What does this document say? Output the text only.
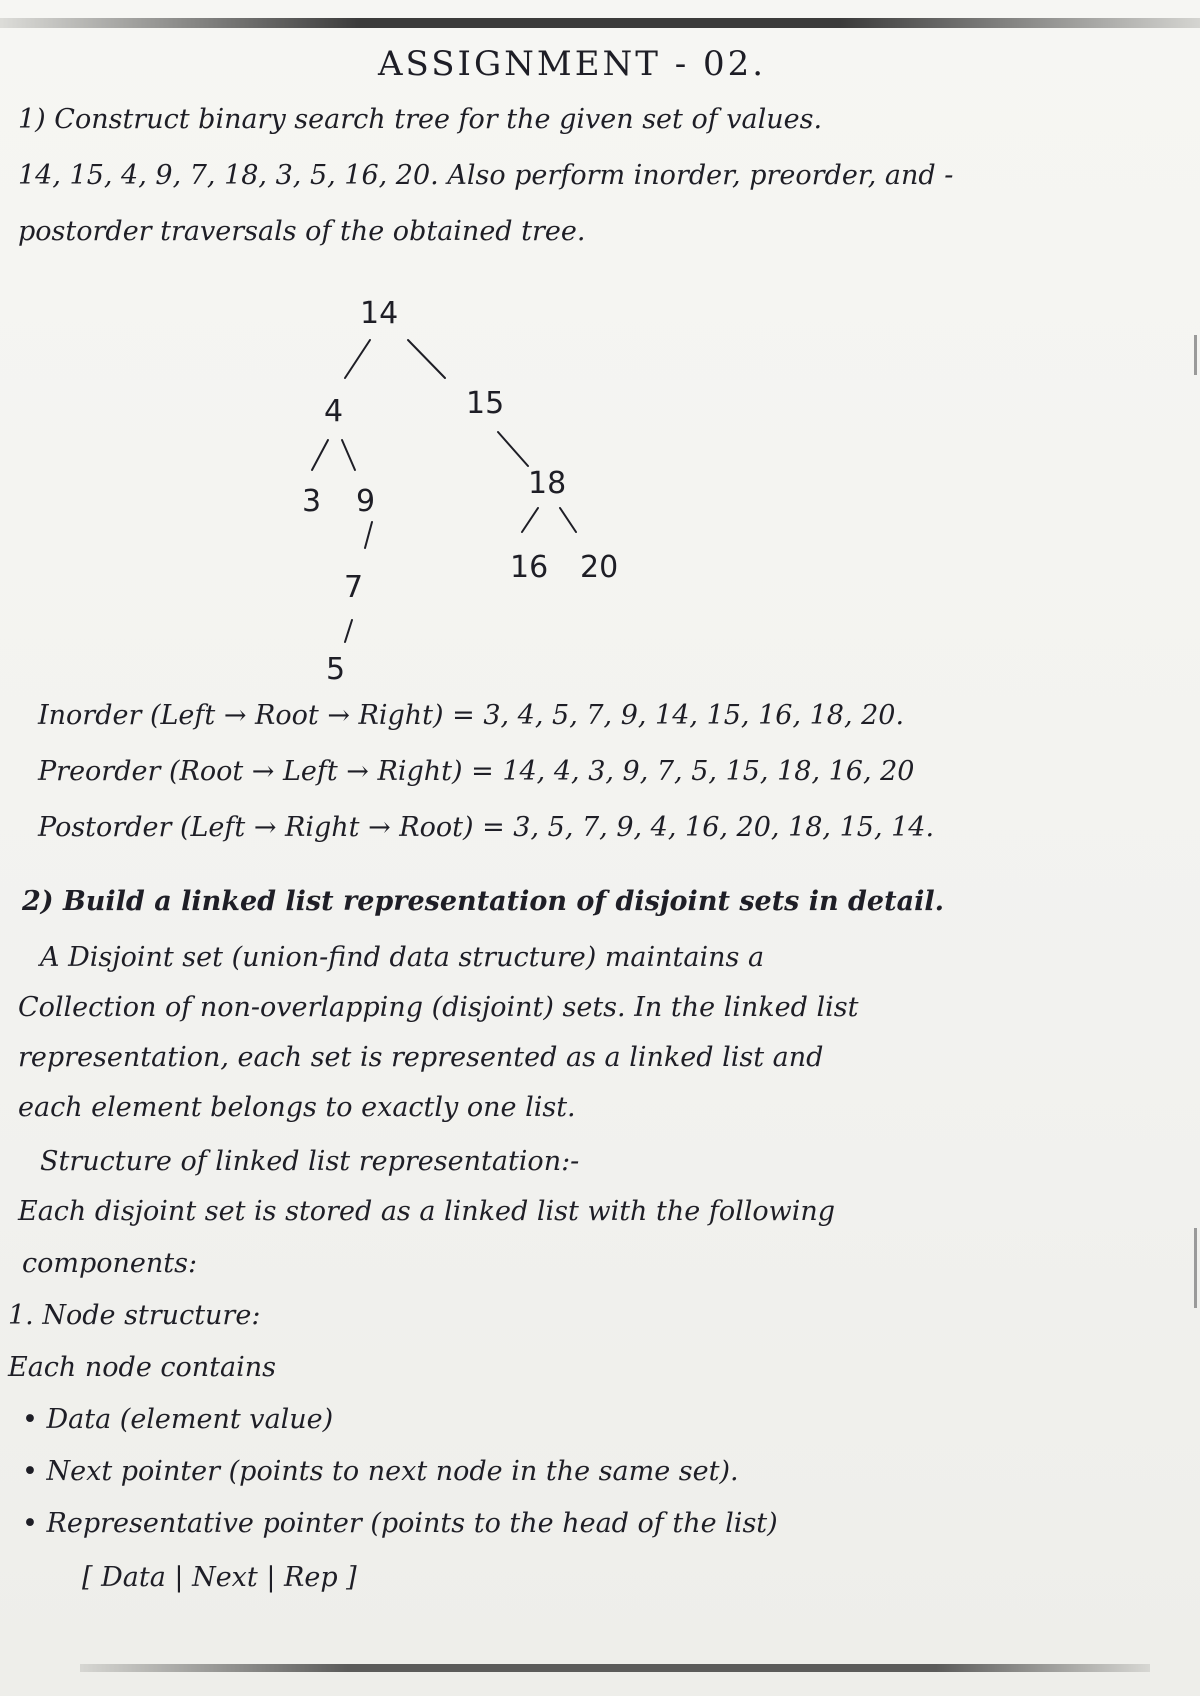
ASSIGNMENT - 02.
1) Construct binary search tree for the given set of values.
14, 15, 4, 9, 7, 18, 3, 5, 16, 20. Also perform inorder, preorder, and -
postorder traversals of the obtained tree.
14
4	15
3 9
18
7
16 20
5
Inorder (Left → Root → Right) = 3, 4, 5, 7, 9, 14, 15, 16, 18, 20.
Preorder (Root → Left → Right) = 14, 4, 3, 9, 7, 5, 15, 18, 16, 20
Postorder (Left → Right → Root) = 3, 5, 7, 9, 4, 16, 20, 18, 15, 14.
2) Build a linked list representation of disjoint sets in detail.
A Disjoint set (union-find data structure) maintains a
Collection of non-overlapping (disjoint) sets. In the linked list
representation, each set is represented as a linked list and
each element belongs to exactly one list.
Structure of linked list representation:-
Each disjoint set is stored as a linked list with the following
components:
1. Node structure:
Each node contains
• Data (element value)
• Next pointer (points to next node in the same set).
• Representative pointer (points to the head of the list)
[ Data | Next | Rep ]
